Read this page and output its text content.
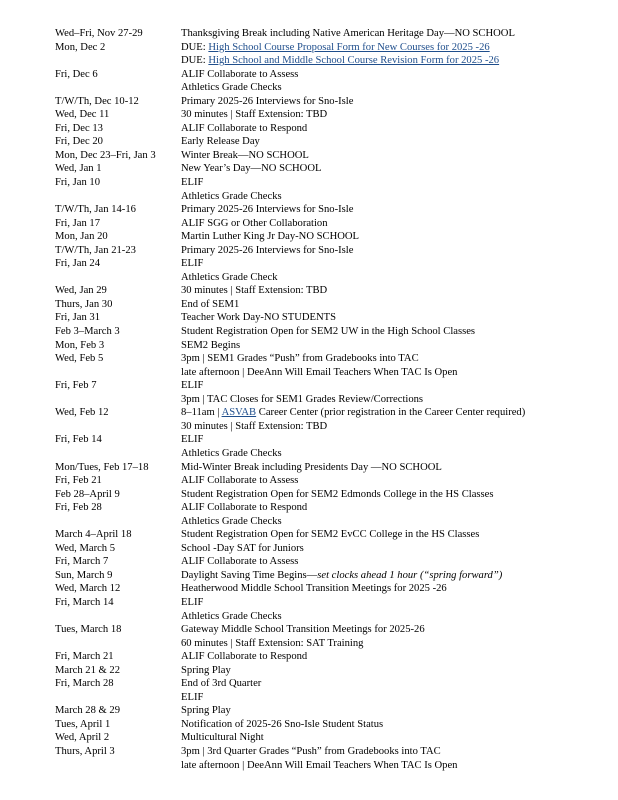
Wed–Fri, Nov 27-29	Thanksgiving Break including Native American Heritage Day—NO SCHOOL
Mon, Dec 2	DUE: High School Course Proposal Form for New Courses for 2025 -26
DUE: High School and Middle School Course Revision Form for 2025 -26
Fri, Dec 6	ALIF Collaborate to Assess
Athletics Grade Checks
T/W/Th, Dec 10-12	Primary 2025-26 Interviews for Sno-Isle
Wed, Dec 11	30 minutes | Staff Extension: TBD
Fri, Dec 13	ALIF Collaborate to Respond
Fri, Dec 20	Early Release Day
Mon, Dec 23–Fri, Jan 3 Winter Break—NO SCHOOL
Wed, Jan 1	New Year’s Day—NO SCHOOL
Fri, Jan 10	ELIF
Athletics Grade Checks
T/W/Th, Jan 14-16	Primary 2025-26 Interviews for Sno-Isle
Fri, Jan 17	ALIF SGG or Other Collaboration
Mon, Jan 20	Martin Luther King Jr Day-NO SCHOOL
T/W/Th, Jan 21-23	Primary 2025-26 Interviews for Sno-Isle
Fri, Jan 24	ELIF
Athletics Grade Check
Wed, Jan 29	30 minutes | Staff Extension: TBD
Thurs, Jan 30	End of SEM1
Fri, Jan 31	Teacher Work Day-NO STUDENTS
Feb 3–March 3	Student Registration Open for SEM2 UW in the High School Classes
Mon, Feb 3	SEM2 Begins
Wed, Feb 5	3pm | SEM1 Grades “Push” from Gradebooks into TAC
late afternoon | DeeAnn Will Email Teachers When TAC Is Open
Fri, Feb 7	ELIF
3pm | TAC Closes for SEM1 Grades Review/Corrections
Wed, Feb 12	8–11am | ASVAB Career Center (prior registration in the Career Center required)
30 minutes | Staff Extension: TBD
Fri, Feb 14	ELIF
Athletics Grade Checks
Mon/Tues, Feb 17–18	Mid-Winter Break including Presidents Day —NO SCHOOL
Fri, Feb 21	ALIF Collaborate to Assess
Feb 28–April 9	Student Registration Open for SEM2 Edmonds College in the HS Classes
Fri, Feb 28	ALIF Collaborate to Respond
Athletics Grade Checks
March 4–April 18	Student Registration Open for SEM2 EvCC College in the HS Classes
Wed, March 5	School -Day SAT for Juniors
Fri, March 7	ALIF Collaborate to Assess
Sun, March 9	Daylight Saving Time Begins—set clocks ahead 1 hour (“spring forward”)
Wed, March 12	Heatherwood Middle School Transition Meetings for 2025 -26
Fri, March 14	ELIF
Athletics Grade Checks
Tues, March 18	Gateway Middle School Transition Meetings for 2025-26
60 minutes | Staff Extension: SAT Training
Fri, March 21	ALIF Collaborate to Respond
March 21 & 22	Spring Play
Fri, March 28	End of 3rd Quarter
ELIF
March 28 & 29	Spring Play
Tues, April 1	Notification of 2025-26 Sno-Isle Student Status
Wed, April 2	Multicultural Night
Thurs, April 3	3pm | 3rd Quarter Grades “Push” from Gradebooks into TAC
late afternoon | DeeAnn Will Email Teachers When TAC Is Open
